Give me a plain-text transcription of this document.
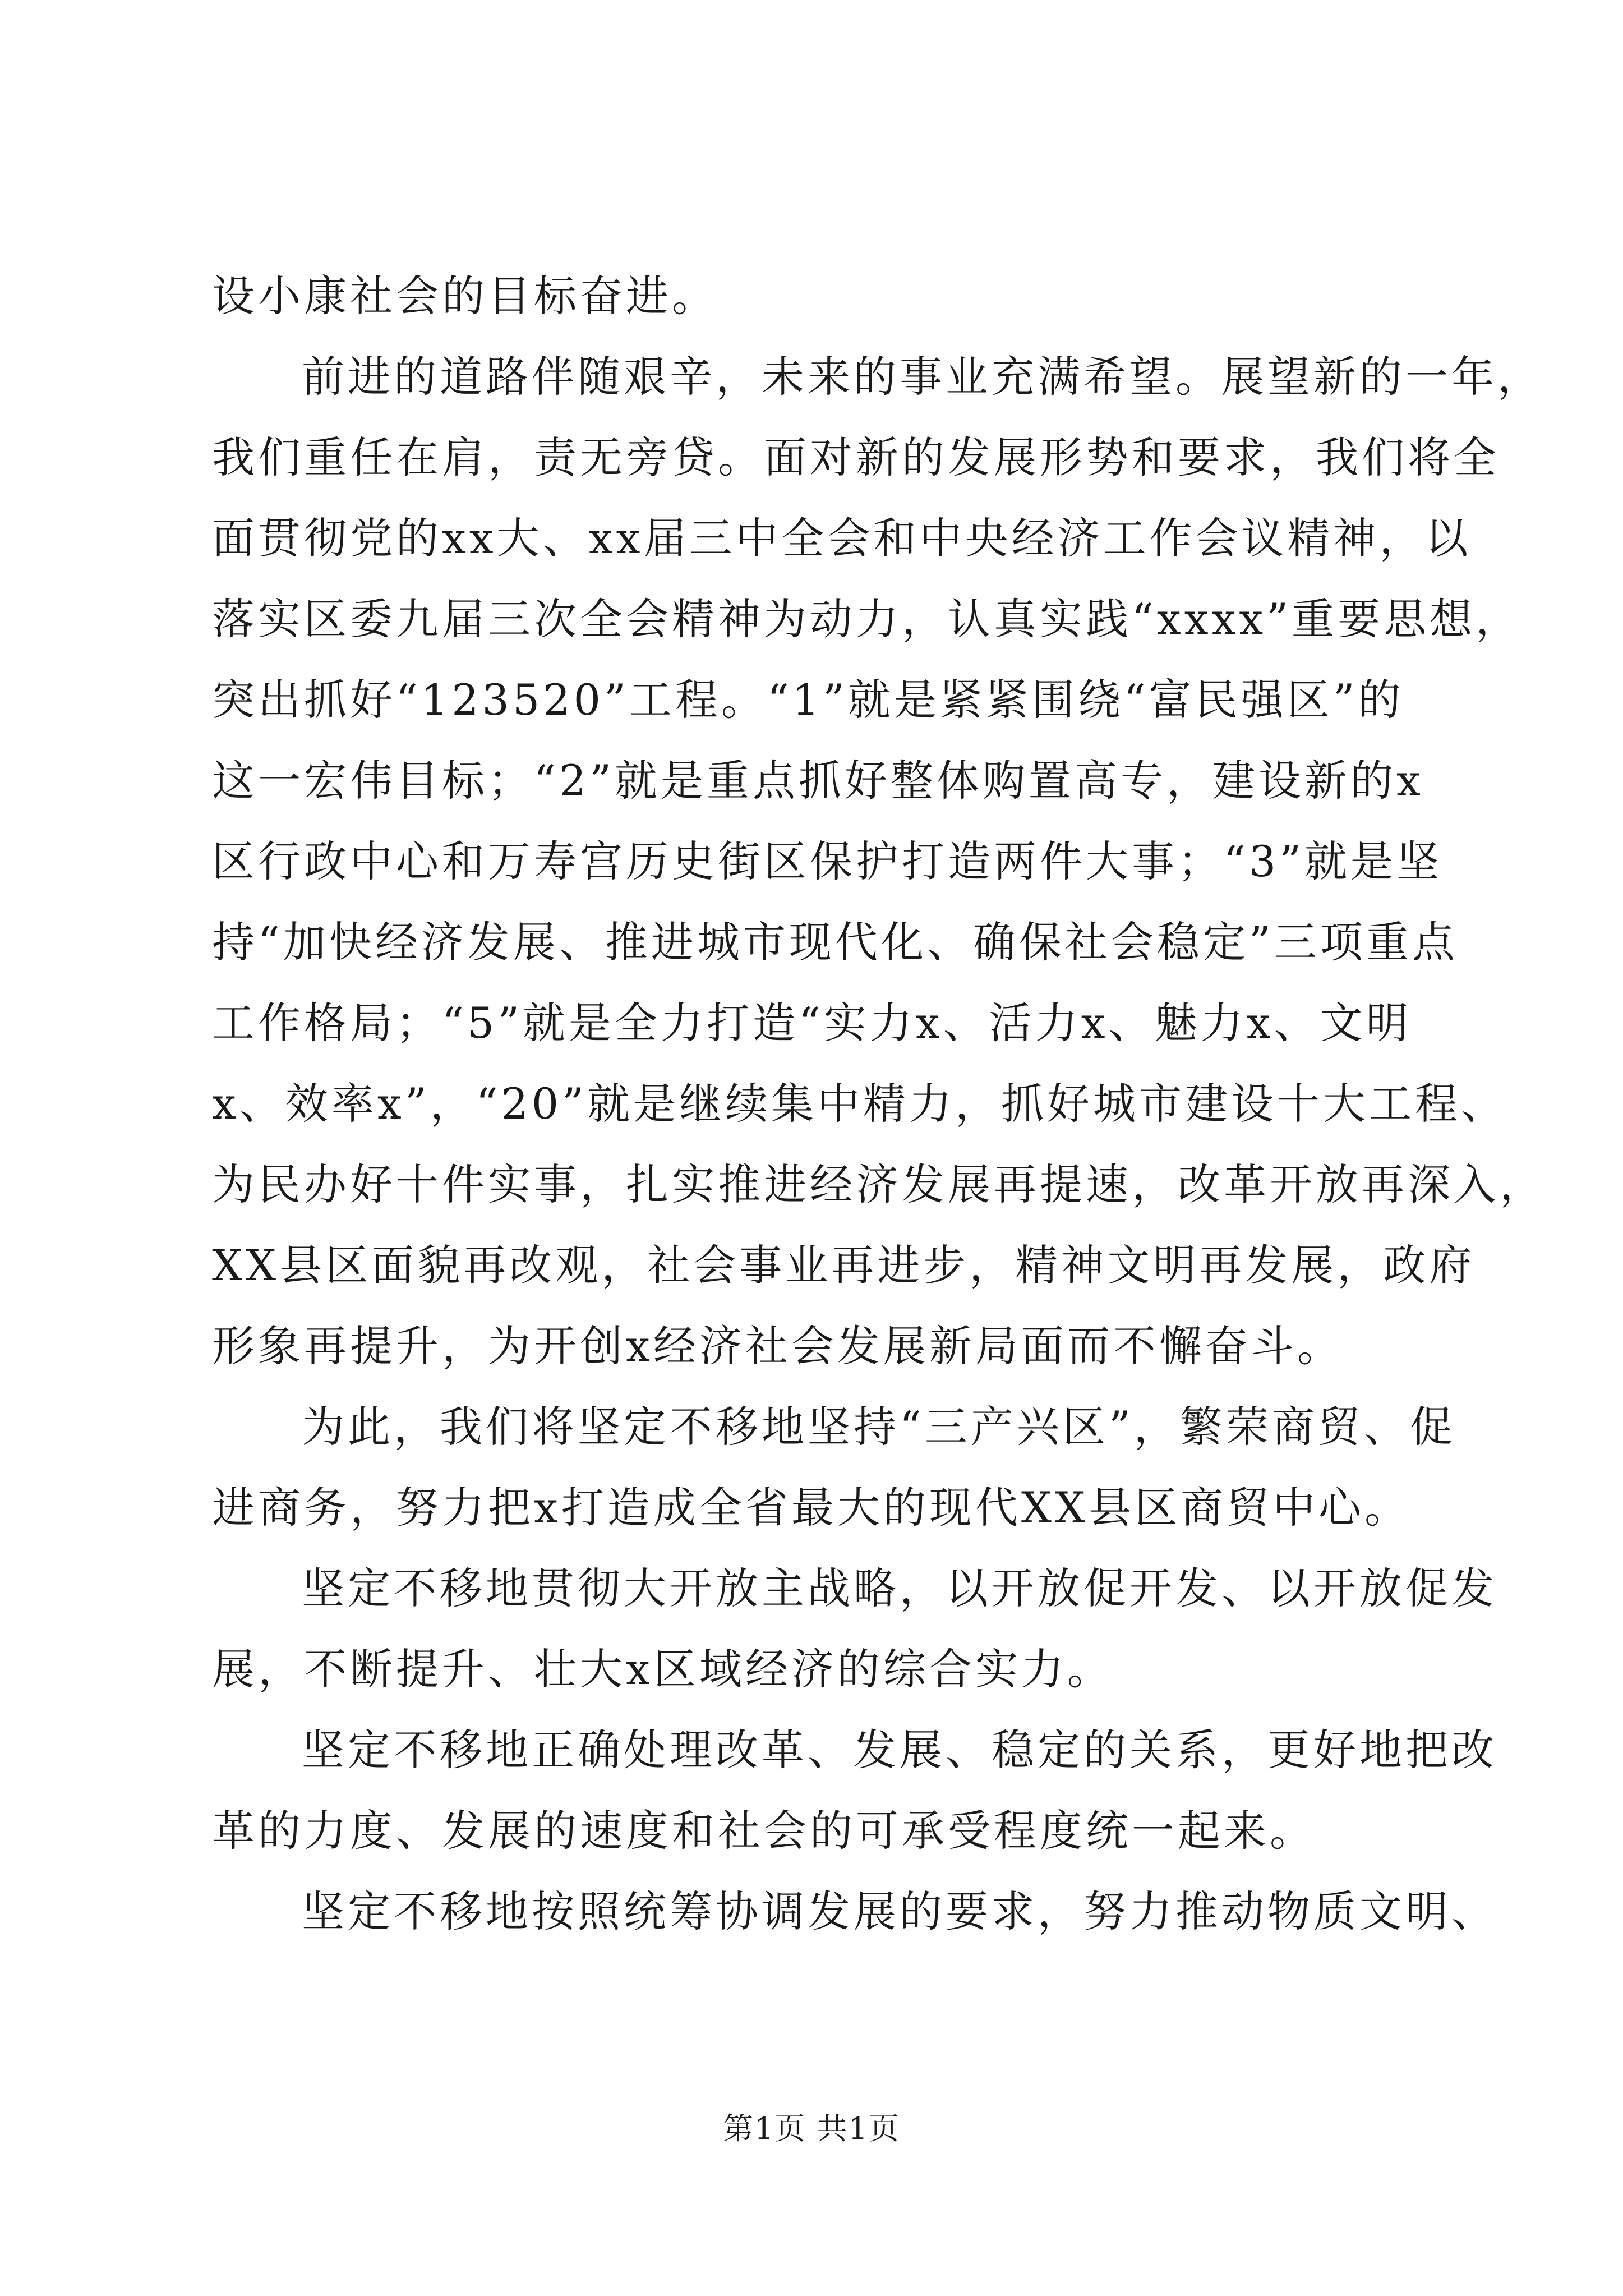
设小康社会的目标奋进。
前进的道路伴随艰辛，未来的事业充满希望。展望新的一年，
我们重任在肩，责无旁贷。面对新的发展形势和要求，我们将全
面贯彻党的xx大、xx届三中全会和中央经济工作会议精神，以
落实区委九届三次全会精神为动力，认真实践“xxxx”重要思想，
突出抓好“123520”工程。“1”就是紧紧围绕“富民强区”的
这一宏伟目标；“2”就是重点抓好整体购置高专，建设新的x
区行政中心和万寿宫历史街区保护打造两件大事；“3”就是坚
持“加快经济发展、推进城市现代化、确保社会稳定”三项重点
工作格局；“5”就是全力打造“实力x、活力x、魅力x、文明
x、效率x”，“20”就是继续集中精力，抓好城市建设十大工程、
为民办好十件实事，扎实推进经济发展再提速，改革开放再深入，
XX县区面貌再改观，社会事业再进步，精神文明再发展，政府
形象再提升，为开创x经济社会发展新局面而不懈奋斗。
为此，我们将坚定不移地坚持“三产兴区”，繁荣商贸、促
进商务，努力把x打造成全省最大的现代XX县区商贸中心。
坚定不移地贯彻大开放主战略，以开放促开发、以开放促发
展，不断提升、壮大x区域经济的综合实力。
坚定不移地正确处理改革、发展、稳定的关系，更好地把改
革的力度、发展的速度和社会的可承受程度统一起来。
坚定不移地按照统筹协调发展的要求，努力推动物质文明、
第1页 共1页
